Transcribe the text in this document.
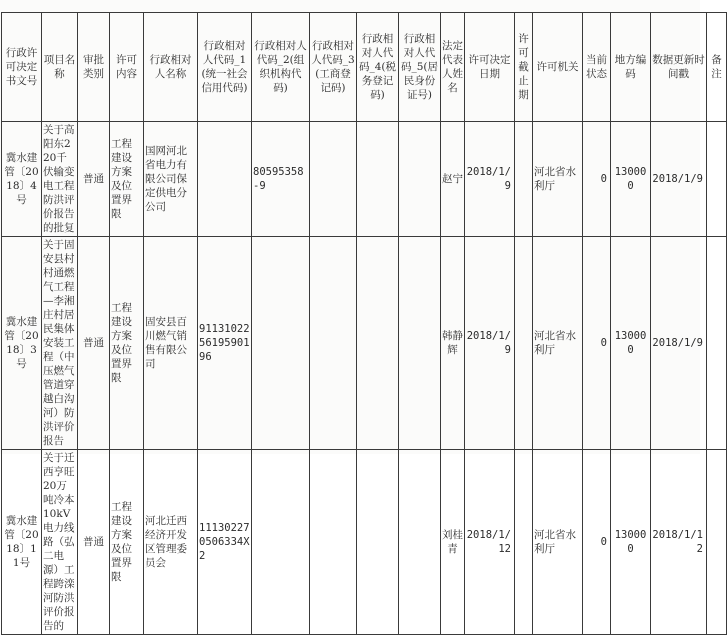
行政许可决定书文号	项目名称	审批类别	许可内容	行政相对人名称	行政相对人代码_1(统一社会信用代码)	行政相对人代码_2(组织机构代码)	行政相对人代码_3(工商登记码)	行政相对人代码_4(税务登记码)	行政相对人代码_5(居民身份证号)	法定代表人姓名	许可决定日期	许可截止期	许可机关	当前状态	地方编码	数据更新时间戳	备注
冀水建管〔2018〕4号	关于高阳东220千伏输变电工程防洪评价报告的批复	普通	工程建设方案及位置界限	国网河北省电力有限公司保定供电分公司		80595358-9				赵宁	2018/1/9		河北省水利厅	0	130000	2018/1/9	
冀水建管〔2018〕3号	关于固安县村村通燃气工程—李湘庄村居民集体安装工程（中压燃气管道穿越白沟河）防洪评价报告	普通	工程建设方案及位置界限	固安县百川燃气销售有限公司	911310225619590196					韩静辉	2018/1/9		河北省水利厅	0	130000	2018/1/9	
冀水建管〔2018〕11号	关于迁西亨旺20万吨冷本10kV电力线路（弘二电源）工程跨滦河防洪评价报告的	普通	工程建设方案及位置界限	河北迁西经济开发区管理委员会	111302270506334X2					刘桂青	2018/1/12		河北省水利厅	0	130000	2018/1/12	
